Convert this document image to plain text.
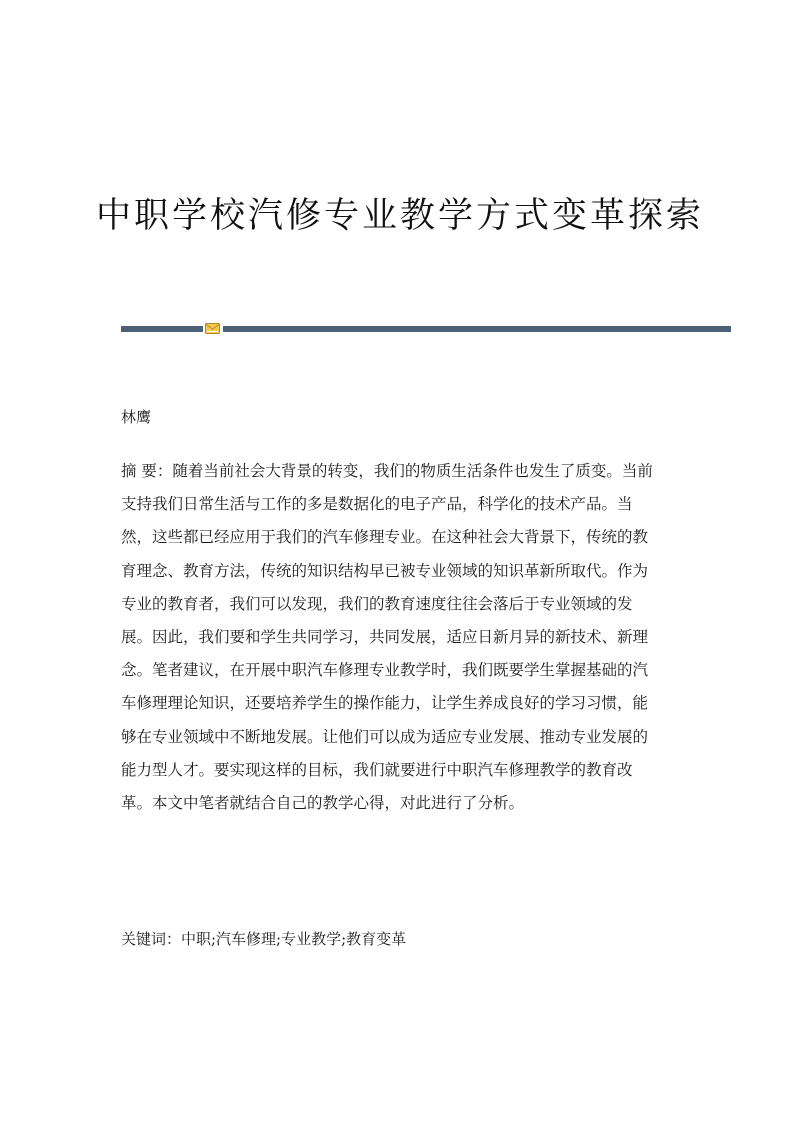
中职学校汽修专业教学方式变革探索

林鹰

摘 要：随着当前社会大背景的转变，我们的物质生活条件也发生了质变。当前
支持我们日常生活与工作的多是数据化的电子产品，科学化的技术产品。当
然，这些都已经应用于我们的汽车修理专业。在这种社会大背景下，传统的教
育理念、教育方法，传统的知识结构早已被专业领域的知识革新所取代。作为
专业的教育者，我们可以发现，我们的教育速度往往会落后于专业领域的发
展。因此，我们要和学生共同学习，共同发展，适应日新月异的新技术、新理
念。笔者建议，在开展中职汽车修理专业教学时，我们既要学生掌握基础的汽
车修理理论知识，还要培养学生的操作能力，让学生养成良好的学习习惯，能
够在专业领域中不断地发展。让他们可以成为适应专业发展、推动专业发展的
能力型人才。要实现这样的目标，我们就要进行中职汽车修理教学的教育改
革。本文中笔者就结合自己的教学心得，对此进行了分析。

关键词：中职;汽车修理;专业教学;教育变革
